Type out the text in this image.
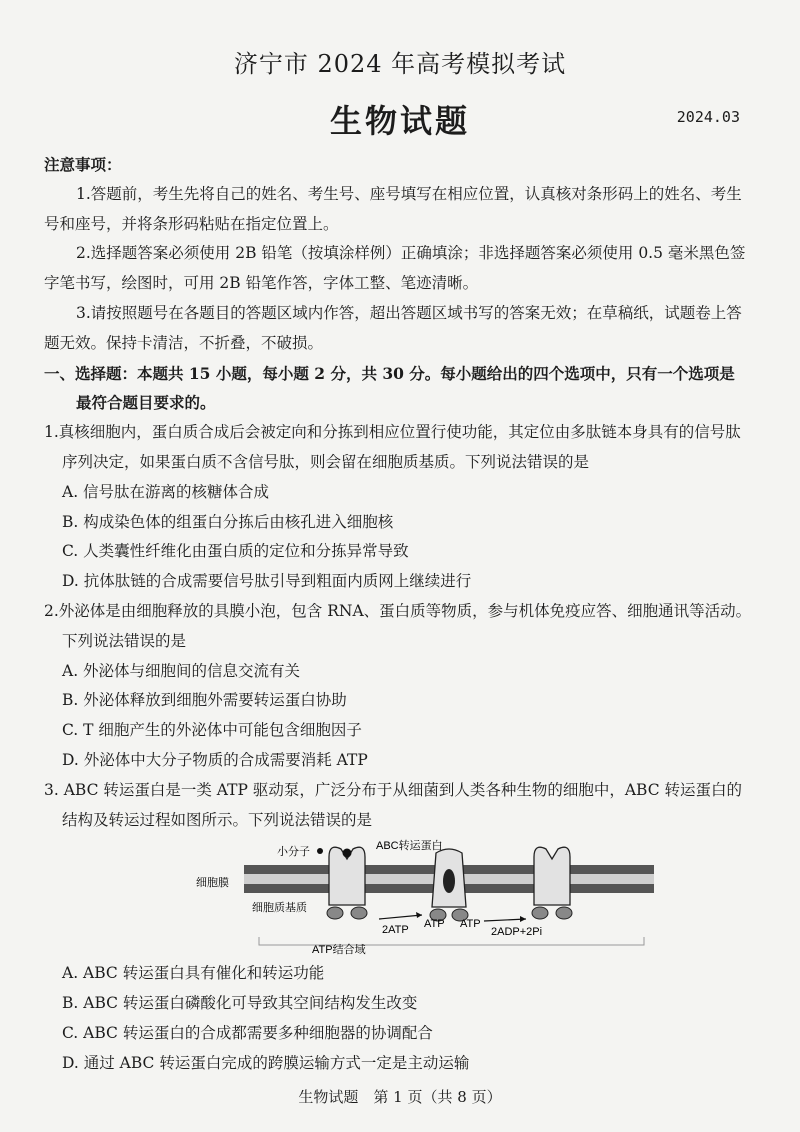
济宁市 2024 年高考模拟考试
生物试题	2024.03

注意事项：

1.答题前，考生先将自己的姓名、考生号、座号填写在相应位置，认真核对条形码上的姓名、考生号和座号，并将条形码粘贴在指定位置上。

2.选择题答案必须使用 2B 铅笔（按填涂样例）正确填涂；非选择题答案必须使用 0.5 毫米黑色签字笔书写，绘图时，可用 2B 铅笔作答，字体工整、笔迹清晰。

3.请按照题号在各题目的答题区域内作答，超出答题区域书写的答案无效；在草稿纸，试题卷上答题无效。保持卡清洁，不折叠，不破损。

一、选择题：本题共 15 小题，每小题 2 分，共 30 分。每小题给出的四个选项中，只有一个选项是

最符合题目要求的。

1.真核细胞内，蛋白质合成后会被定向和分拣到相应位置行使功能，其定位由多肽链本身具有的信号肽序列决定，如果蛋白质不含信号肽，则会留在细胞质基质。下列说法错误的是

A. 信号肽在游离的核糖体合成

B. 构成染色体的组蛋白分拣后由核孔进入细胞核

C. 人类囊性纤维化由蛋白质的定位和分拣异常导致

D. 抗体肽链的合成需要信号肽引导到粗面内质网上继续进行

2.外泌体是由细胞释放的具膜小泡，包含 RNA、蛋白质等物质，参与机体免疫应答、细胞通讯等活动。下列说法错误的是

A. 外泌体与细胞间的信息交流有关

B. 外泌体释放到细胞外需要转运蛋白协助

C. T 细胞产生的外泌体中可能包含细胞因子

D. 外泌体中大分子物质的合成需要消耗 ATP

3. ABC 转运蛋白是一类 ATP 驱动泵，广泛分布于从细菌到人类各种生物的细胞中，ABC 转运蛋白的结构及转运过程如图所示。下列说法错误的是

小分子	ABC转运蛋白
细胞膜
细胞质基质
2ATP ATP ATP
2ADP+2Pi
ATP结合域

A. ABC 转运蛋白具有催化和转运功能

B. ABC 转运蛋白磷酸化可导致其空间结构发生改变

C. ABC 转运蛋白的合成都需要多种细胞器的协调配合

D. 通过 ABC 转运蛋白完成的跨膜运输方式一定是主动运输

生物试题　第 1 页（共 8 页）
